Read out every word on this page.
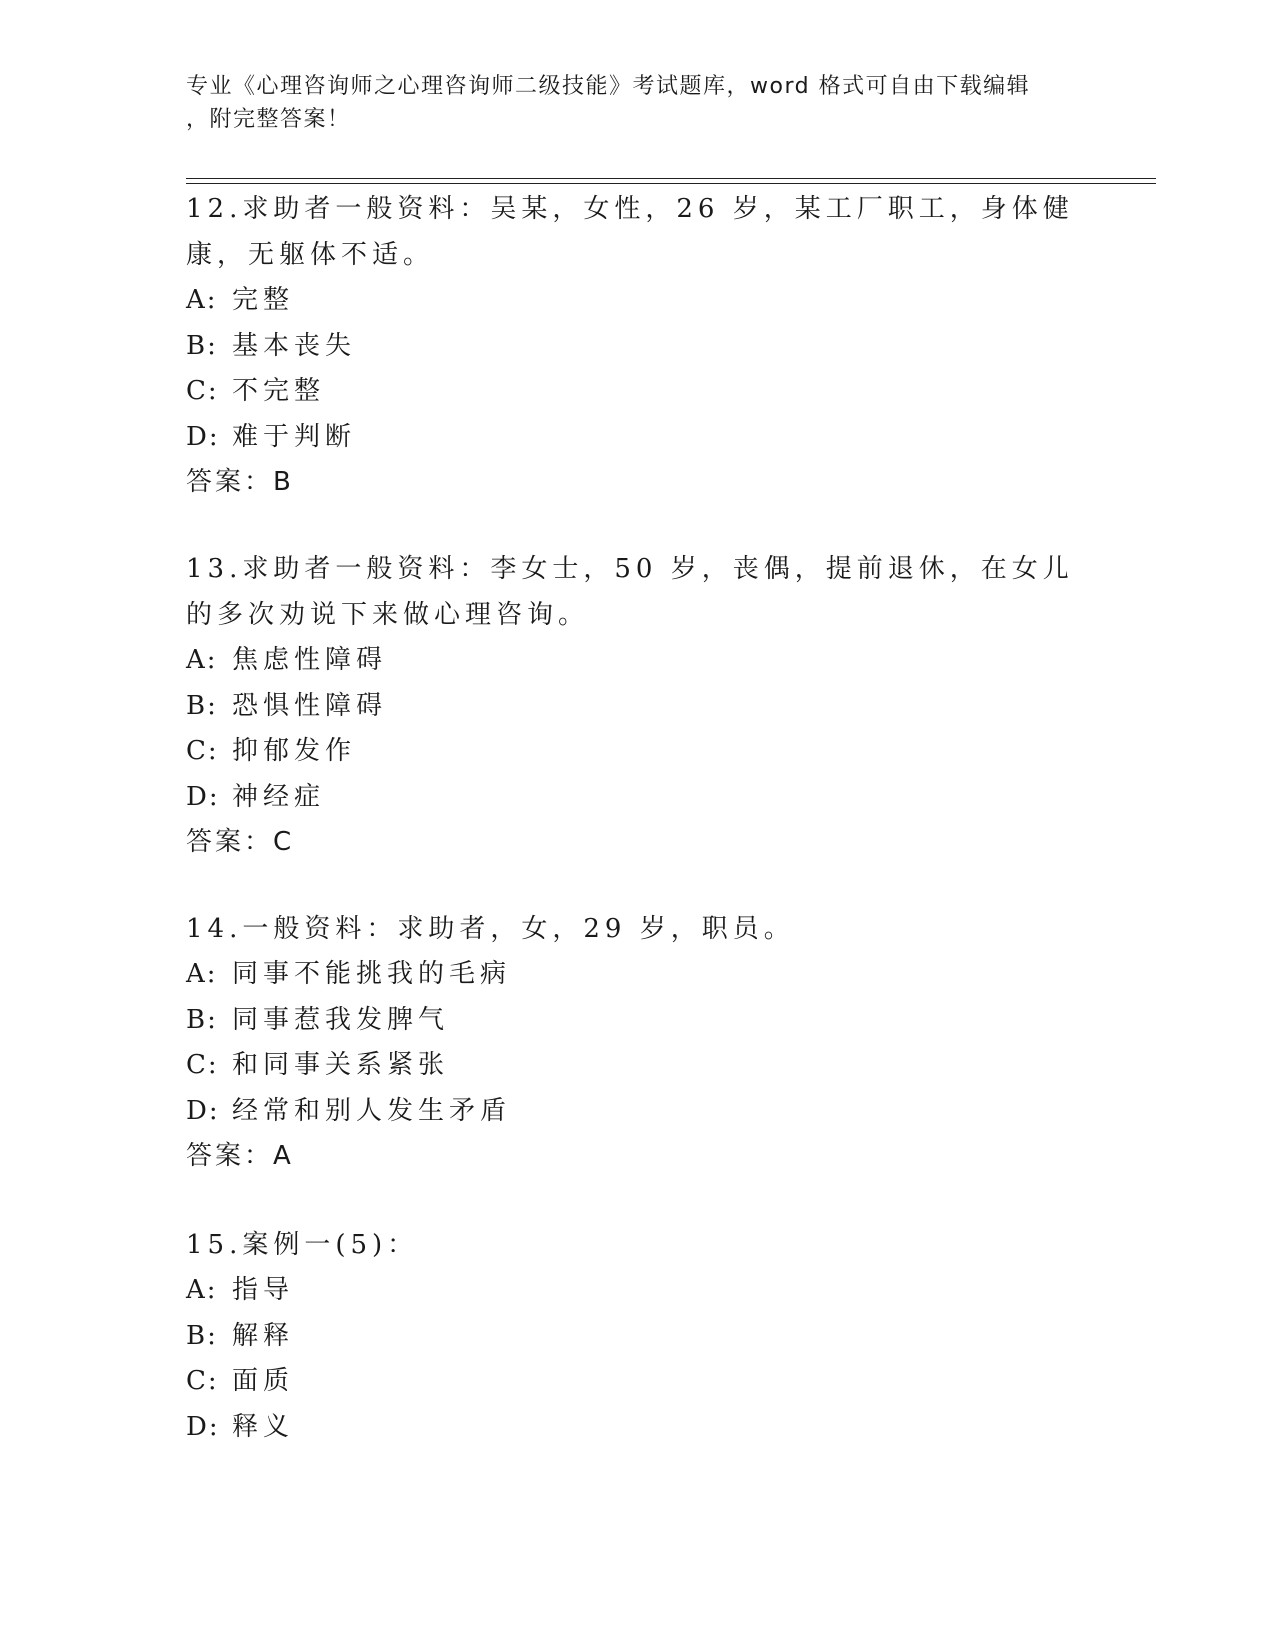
专业《心理咨询师之心理咨询师二级技能》考试题库，word 格式可自由下载编辑
，附完整答案！

12.求助者一般资料：吴某，女性，26 岁，某工厂职工，身体健康，无躯体不适。

A: 完整

B: 基本丧失

C: 不完整

D: 难于判断

答案：B

13.求助者一般资料：李女士，50 岁，丧偶，提前退休，在女儿的多次劝说下来做心理咨询。

A: 焦虑性障碍

B: 恐惧性障碍

C: 抑郁发作

D: 神经症

答案：C

14.一般资料：求助者，女，29 岁，职员。

A: 同事不能挑我的毛病

B: 同事惹我发脾气

C: 和同事关系紧张

D: 经常和别人发生矛盾

答案：A

15.案例一(5)：

A: 指导

B: 解释

C: 面质

D: 释义
